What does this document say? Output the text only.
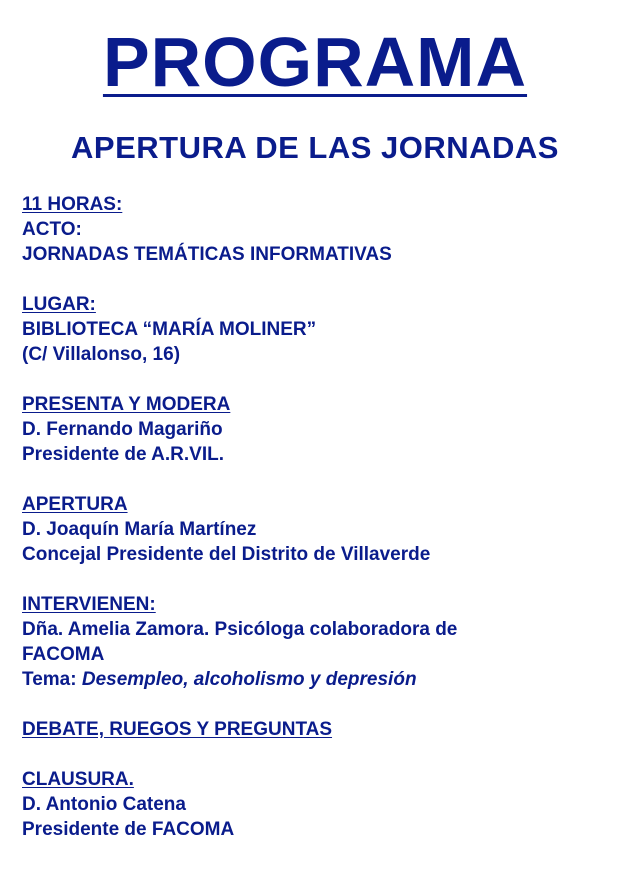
PROGRAMA
APERTURA DE LAS JORNADAS
11 HORAS:
ACTO:
JORNADAS TEMÁTICAS INFORMATIVAS
LUGAR:
BIBLIOTECA “MARÍA MOLINER”
(C/ Villalonso, 16)
PRESENTA Y MODERA
D. Fernando Magariño
Presidente de A.R.VIL.
APERTURA
D. Joaquín María Martínez
Concejal Presidente del Distrito de Villaverde
INTERVIENEN:
Dña. Amelia Zamora. Psicóloga colaboradora de
FACOMA
Tema: Desempleo, alcoholismo y depresión
DEBATE, RUEGOS Y PREGUNTAS
CLAUSURA.
D. Antonio Catena
Presidente de FACOMA
